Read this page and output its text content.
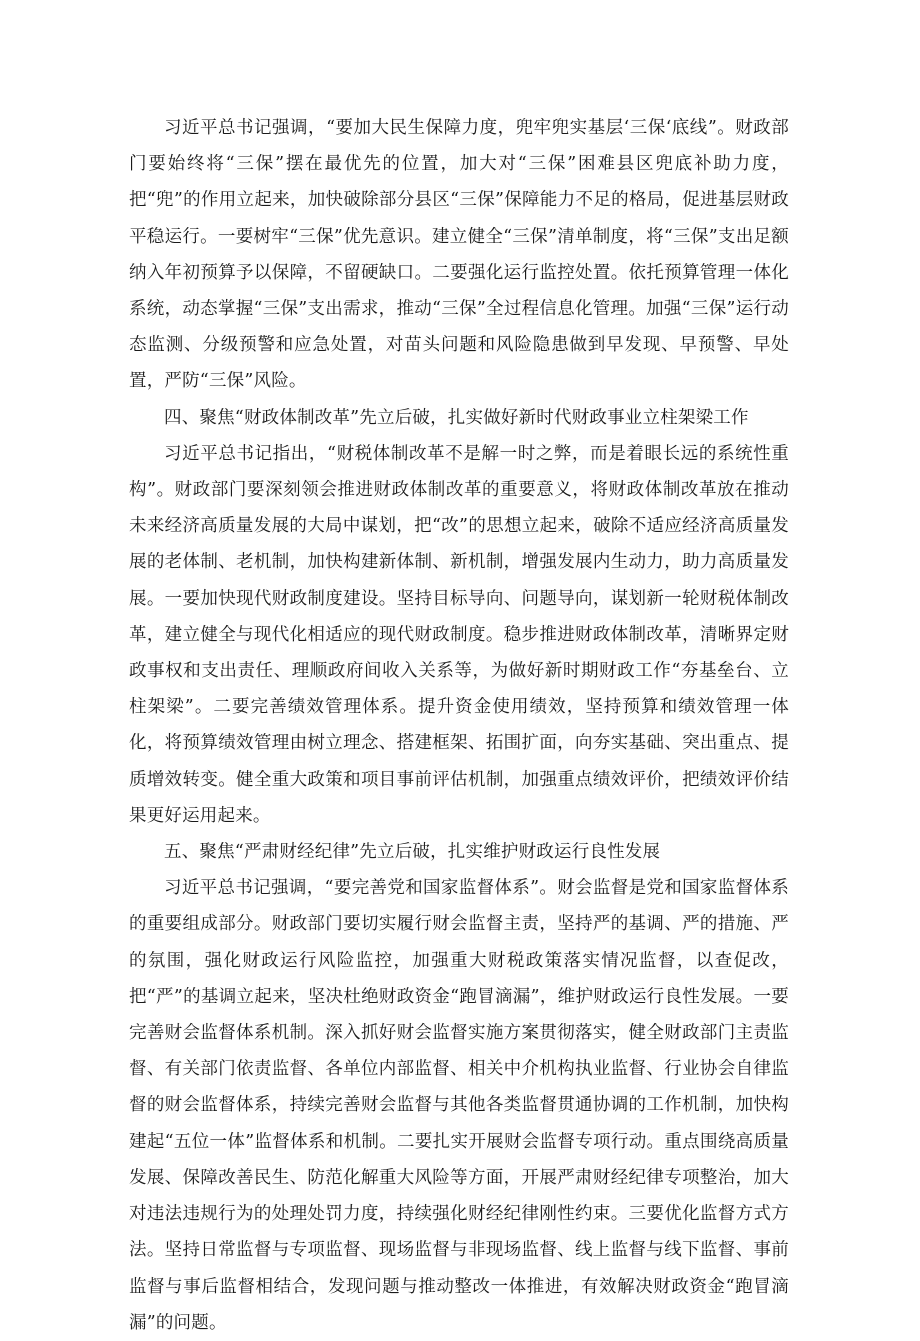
习近平总书记强调，“要加大民生保障力度，兜牢兜实基层‘三保‘底线”。财政部门要始终将“三保”摆在最优先的位置，加大对“三保”困难县区兜底补助力度，把“兜”的作用立起来，加快破除部分县区“三保”保障能力不足的格局，促进基层财政平稳运行。一要树牢“三保”优先意识。建立健全“三保”清单制度，将“三保”支出足额纳入年初预算予以保障，不留硬缺口。二要强化运行监控处置。依托预算管理一体化系统，动态掌握“三保”支出需求，推动“三保”全过程信息化管理。加强“三保”运行动态监测、分级预警和应急处置，对苗头问题和风险隐患做到早发现、早预警、早处置，严防“三保”风险。

四、聚焦“财政体制改革”先立后破，扎实做好新时代财政事业立柱架梁工作

习近平总书记指出，“财税体制改革不是解一时之弊，而是着眼长远的系统性重构”。财政部门要深刻领会推进财政体制改革的重要意义，将财政体制改革放在推动未来经济高质量发展的大局中谋划，把“改”的思想立起来，破除不适应经济高质量发展的老体制、老机制，加快构建新体制、新机制，增强发展内生动力，助力高质量发展。一要加快现代财政制度建设。坚持目标导向、问题导向，谋划新一轮财税体制改革，建立健全与现代化相适应的现代财政制度。稳步推进财政体制改革，清晰界定财政事权和支出责任、理顺政府间收入关系等，为做好新时期财政工作“夯基垒台、立柱架梁”。二要完善绩效管理体系。提升资金使用绩效，坚持预算和绩效管理一体化，将预算绩效管理由树立理念、搭建框架、拓围扩面，向夯实基础、突出重点、提质增效转变。健全重大政策和项目事前评估机制，加强重点绩效评价，把绩效评价结果更好运用起来。

五、聚焦“严肃财经纪律”先立后破，扎实维护财政运行良性发展

习近平总书记强调，“要完善党和国家监督体系”。财会监督是党和国家监督体系的重要组成部分。财政部门要切实履行财会监督主责，坚持严的基调、严的措施、严的氛围，强化财政运行风险监控，加强重大财税政策落实情况监督，以查促改，把“严”的基调立起来，坚决杜绝财政资金“跑冒滴漏”，维护财政运行良性发展。一要完善财会监督体系机制。深入抓好财会监督实施方案贯彻落实，健全财政部门主责监督、有关部门依责监督、各单位内部监督、相关中介机构执业监督、行业协会自律监督的财会监督体系，持续完善财会监督与其他各类监督贯通协调的工作机制，加快构建起“五位一体”监督体系和机制。二要扎实开展财会监督专项行动。重点围绕高质量发展、保障改善民生、防范化解重大风险等方面，开展严肃财经纪律专项整治，加大对违法违规行为的处理处罚力度，持续强化财经纪律刚性约束。三要优化监督方式方法。坚持日常监督与专项监督、现场监督与非现场监督、线上监督与线下监督、事前监督与事后监督相结合，发现问题与推动整改一体推进，有效解决财政资金“跑冒滴漏”的问题。
